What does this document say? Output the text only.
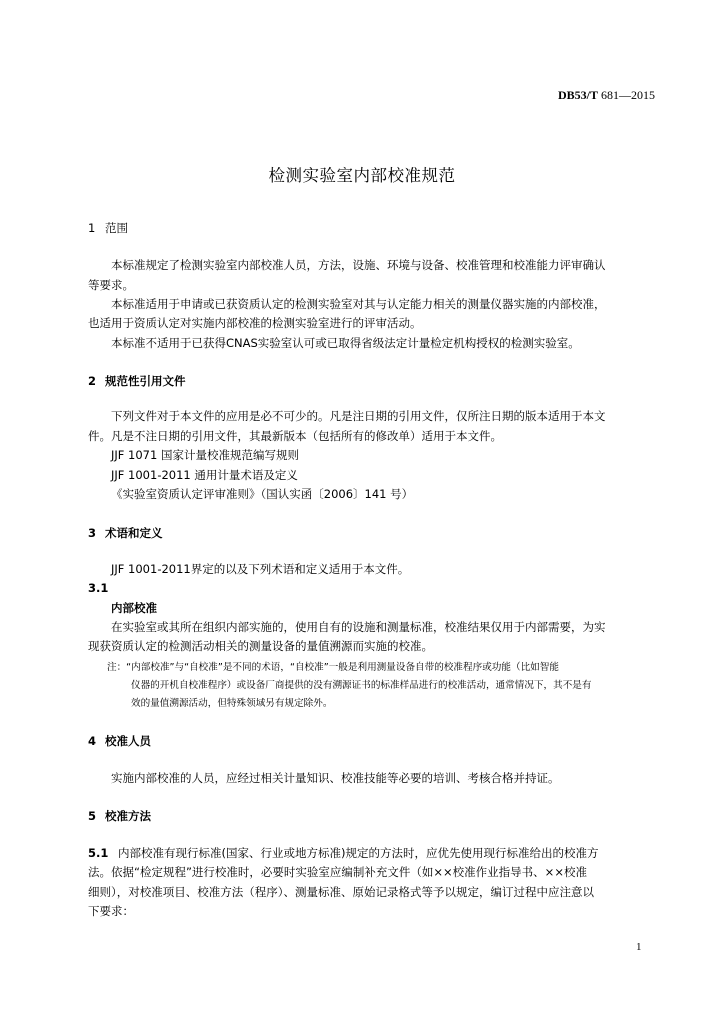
DB53/T 681—2015
检测实验室内部校准规范
1 范围
本标准规定了检测实验室内部校准人员，方法，设施、环境与设备、校准管理和校准能力评审确认
等要求。
本标准适用于申请或已获资质认定的检测实验室对其与认定能力相关的测量仪器实施的内部校准，
也适用于资质认定对实施内部校准的检测实验室进行的评审活动。
本标准不适用于已获得CNAS实验室认可或已取得省级法定计量检定机构授权的检测实验室。
2 规范性引用文件
下列文件对于本文件的应用是必不可少的。凡是注日期的引用文件，仅所注日期的版本适用于本文
件。凡是不注日期的引用文件，其最新版本（包括所有的修改单）适用于本文件。
JJF 1071 国家计量校准规范编写规则
JJF 1001-2011 通用计量术语及定义
《实验室资质认定评审准则》（国认实函〔2006〕141 号）
3 术语和定义
JJF 1001-2011界定的以及下列术语和定义适用于本文件。
3.1
内部校准
在实验室或其所在组织内部实施的，使用自有的设施和测量标准，校准结果仅用于内部需要，为实
现获资质认定的检测活动相关的测量设备的量值溯源而实施的校准。
注：“内部校准”与“自校准”是不同的术语，“自校准”一般是利用测量设备自带的校准程序或功能（比如智能
仪器的开机自校准程序）或设备厂商提供的没有溯源证书的标准样品进行的校准活动，通常情况下，其不是有
效的量值溯源活动，但特殊领域另有规定除外。
4 校准人员
实施内部校准的人员，应经过相关计量知识、校准技能等必要的培训、考核合格并持证。
5 校准方法
5.1 内部校准有现行标准(国家、行业或地方标准)规定的方法时，应优先使用现行标准给出的校准方
法。依据“检定规程”进行校准时，必要时实验室应编制补充文件（如××校准作业指导书、××校准
细则），对校准项目、校准方法（程序）、测量标准、原始记录格式等予以规定，编订过程中应注意以
下要求：
1
